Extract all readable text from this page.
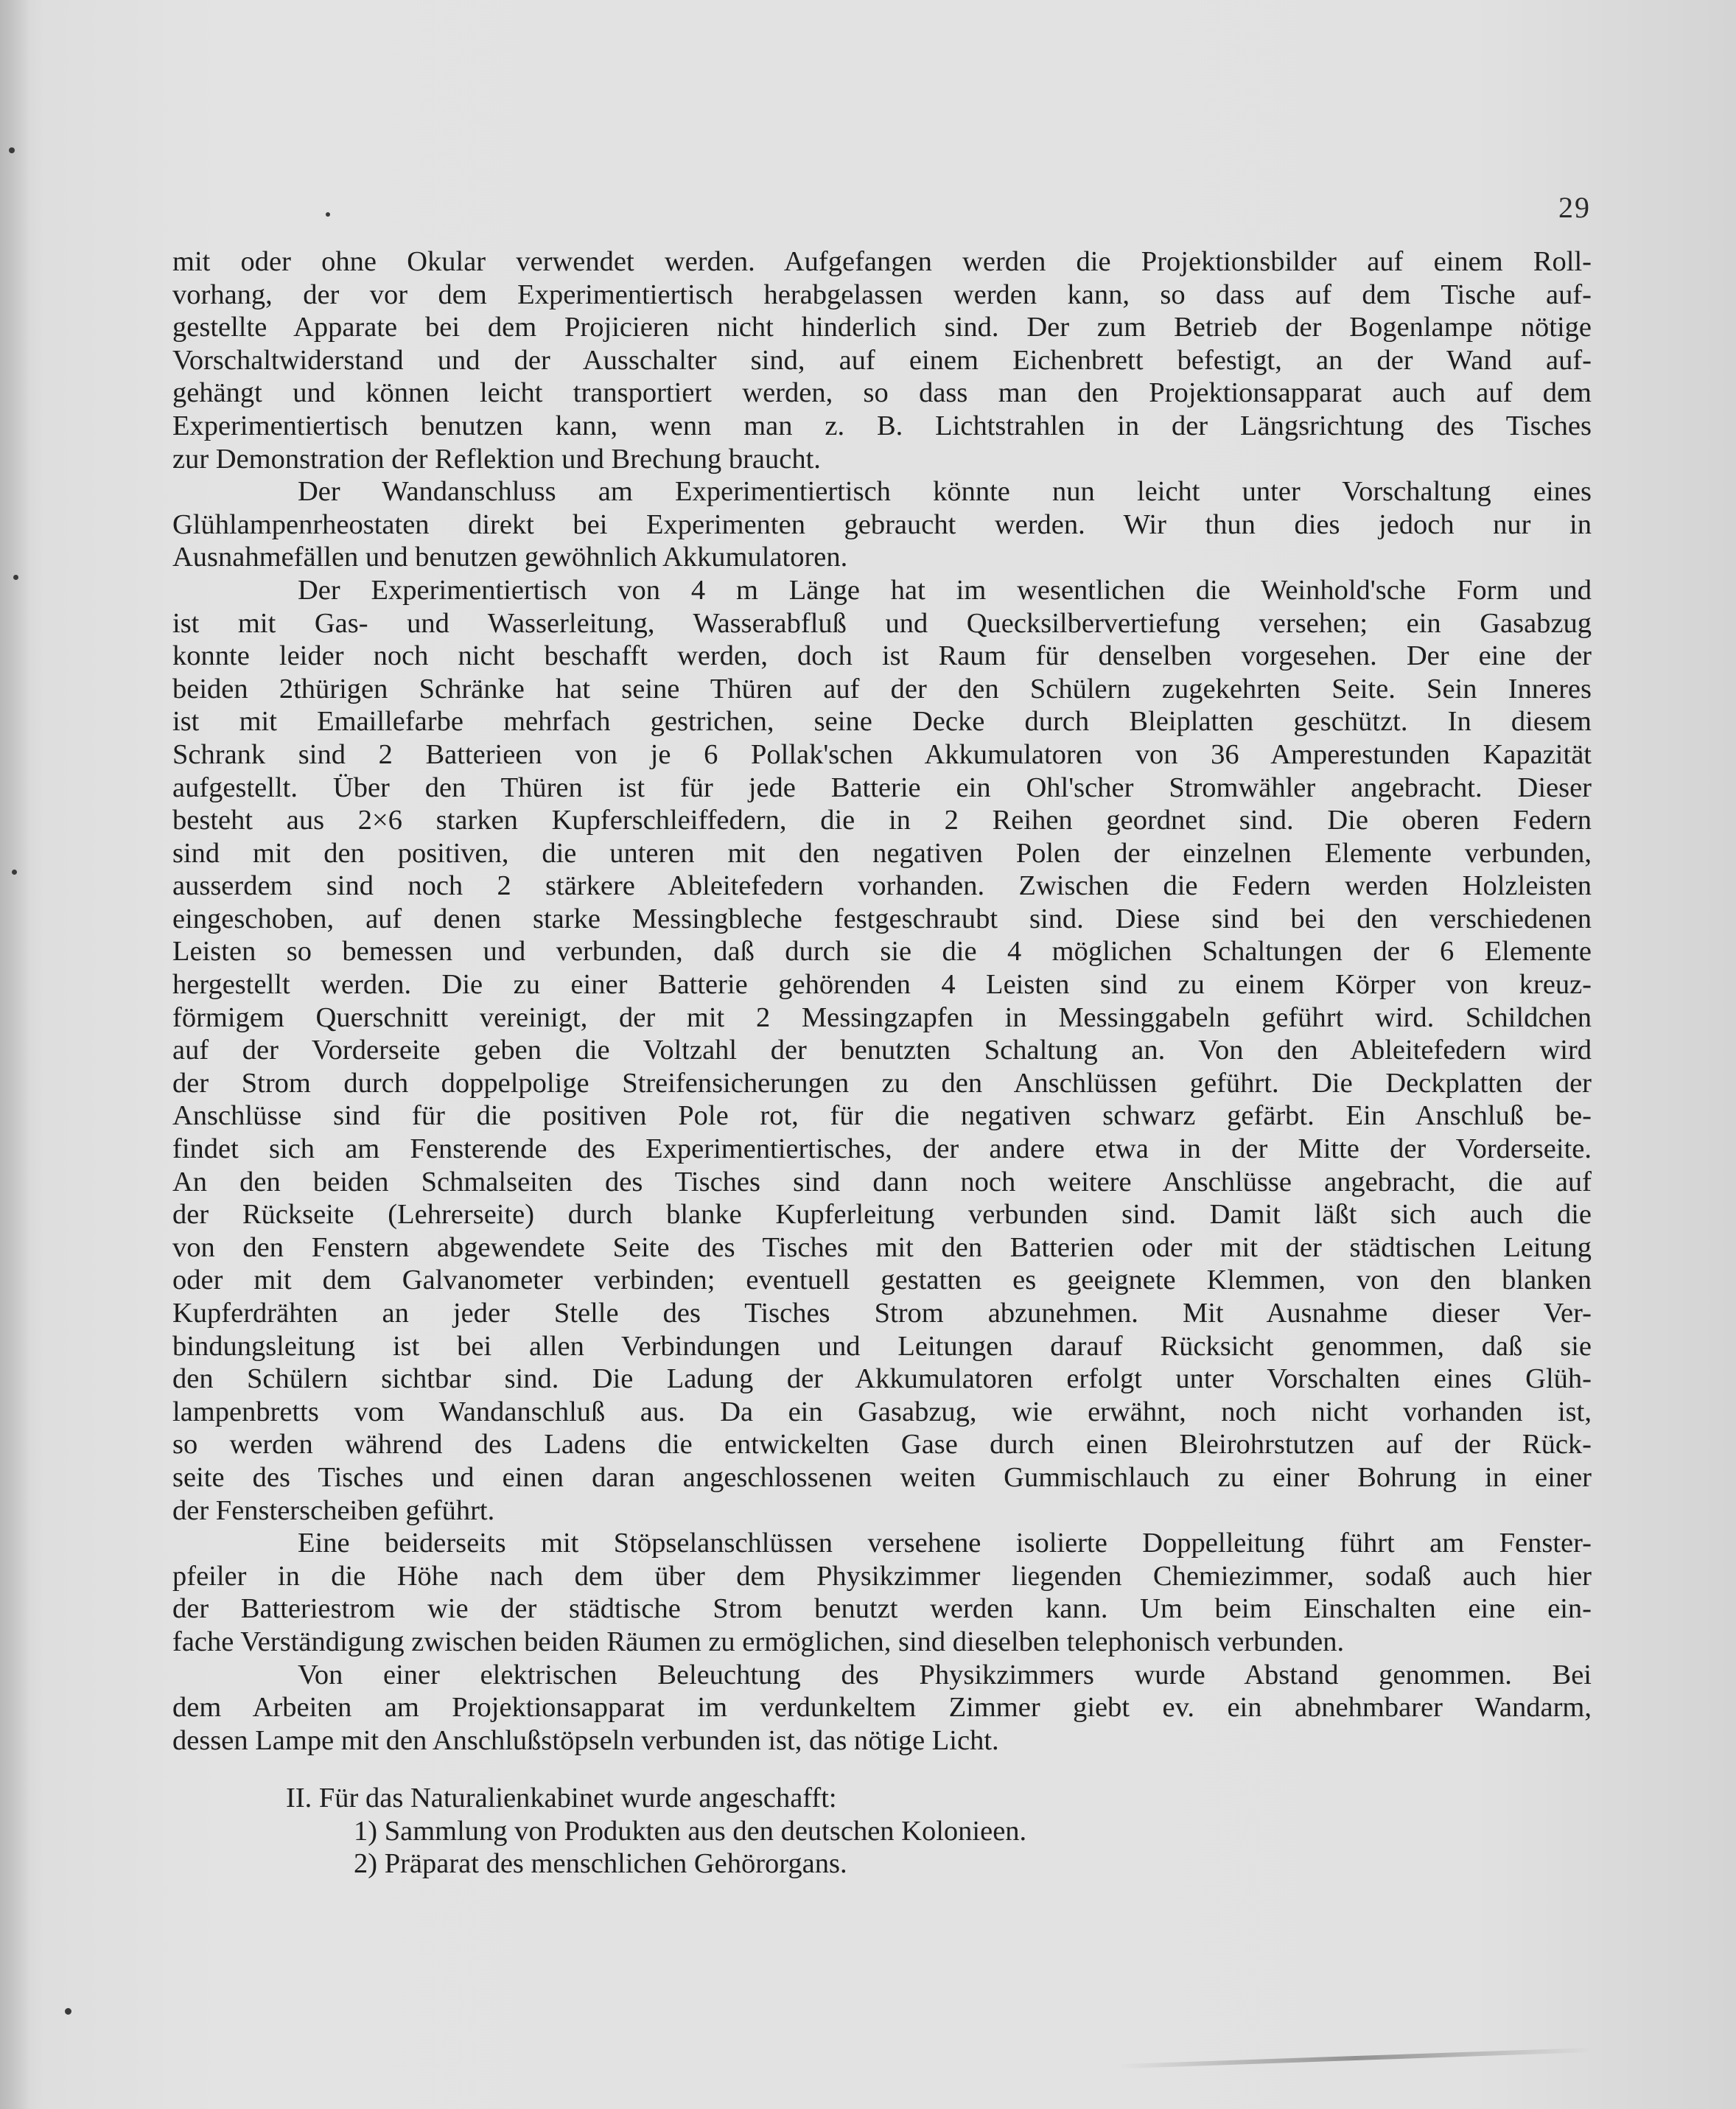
29
mit oder ohne Okular verwendet werden. Aufgefangen werden die Projektionsbilder auf einem Roll-
vorhang, der vor dem Experimentiertisch herabgelassen werden kann, so dass auf dem Tische auf-
gestellte Apparate bei dem Projicieren nicht hinderlich sind. Der zum Betrieb der Bogenlampe nötige
Vorschaltwiderstand und der Ausschalter sind, auf einem Eichenbrett befestigt, an der Wand auf-
gehängt und können leicht transportiert werden, so dass man den Projektionsapparat auch auf dem
Experimentiertisch benutzen kann, wenn man z. B. Lichtstrahlen in der Längsrichtung des Tisches
zur Demonstration der Reflektion und Brechung braucht.
Der Wandanschluss am Experimentiertisch könnte nun leicht unter Vorschaltung eines
Glühlampenrheostaten direkt bei Experimenten gebraucht werden. Wir thun dies jedoch nur in
Ausnahmefällen und benutzen gewöhnlich Akkumulatoren.
Der Experimentiertisch von 4 m Länge hat im wesentlichen die Weinhold'sche Form und
ist mit Gas- und Wasserleitung, Wasserabfluß und Quecksilbervertiefung versehen; ein Gasabzug
konnte leider noch nicht beschafft werden, doch ist Raum für denselben vorgesehen. Der eine der
beiden 2thürigen Schränke hat seine Thüren auf der den Schülern zugekehrten Seite. Sein Inneres
ist mit Emaillefarbe mehrfach gestrichen, seine Decke durch Bleiplatten geschützt. In diesem
Schrank sind 2 Batterieen von je 6 Pollak'schen Akkumulatoren von 36 Amperestunden Kapazität
aufgestellt. Über den Thüren ist für jede Batterie ein Ohl'scher Stromwähler angebracht. Dieser
besteht aus 2×6 starken Kupferschleiffedern, die in 2 Reihen geordnet sind. Die oberen Federn
sind mit den positiven, die unteren mit den negativen Polen der einzelnen Elemente verbunden,
ausserdem sind noch 2 stärkere Ableitefedern vorhanden. Zwischen die Federn werden Holzleisten
eingeschoben, auf denen starke Messingbleche festgeschraubt sind. Diese sind bei den verschiedenen
Leisten so bemessen und verbunden, daß durch sie die 4 möglichen Schaltungen der 6 Elemente
hergestellt werden. Die zu einer Batterie gehörenden 4 Leisten sind zu einem Körper von kreuz-
förmigem Querschnitt vereinigt, der mit 2 Messingzapfen in Messinggabeln geführt wird. Schildchen
auf der Vorderseite geben die Voltzahl der benutzten Schaltung an. Von den Ableitefedern wird
der Strom durch doppelpolige Streifensicherungen zu den Anschlüssen geführt. Die Deckplatten der
Anschlüsse sind für die positiven Pole rot, für die negativen schwarz gefärbt. Ein Anschluß be-
findet sich am Fensterende des Experimentiertisches, der andere etwa in der Mitte der Vorderseite.
An den beiden Schmalseiten des Tisches sind dann noch weitere Anschlüsse angebracht, die auf
der Rückseite (Lehrerseite) durch blanke Kupferleitung verbunden sind. Damit läßt sich auch die
von den Fenstern abgewendete Seite des Tisches mit den Batterien oder mit der städtischen Leitung
oder mit dem Galvanometer verbinden; eventuell gestatten es geeignete Klemmen, von den blanken
Kupferdrähten an jeder Stelle des Tisches Strom abzunehmen. Mit Ausnahme dieser Ver-
bindungsleitung ist bei allen Verbindungen und Leitungen darauf Rücksicht genommen, daß sie
den Schülern sichtbar sind. Die Ladung der Akkumulatoren erfolgt unter Vorschalten eines Glüh-
lampenbretts vom Wandanschluß aus. Da ein Gasabzug, wie erwähnt, noch nicht vorhanden ist,
so werden während des Ladens die entwickelten Gase durch einen Bleirohrstutzen auf der Rück-
seite des Tisches und einen daran angeschlossenen weiten Gummischlauch zu einer Bohrung in einer
der Fensterscheiben geführt.
Eine beiderseits mit Stöpselanschlüssen versehene isolierte Doppelleitung führt am Fenster-
pfeiler in die Höhe nach dem über dem Physikzimmer liegenden Chemiezimmer, sodaß auch hier
der Batteriestrom wie der städtische Strom benutzt werden kann. Um beim Einschalten eine ein-
fache Verständigung zwischen beiden Räumen zu ermöglichen, sind dieselben telephonisch verbunden.
Von einer elektrischen Beleuchtung des Physikzimmers wurde Abstand genommen. Bei
dem Arbeiten am Projektionsapparat im verdunkeltem Zimmer giebt ev. ein abnehmbarer Wandarm,
dessen Lampe mit den Anschlußstöpseln verbunden ist, das nötige Licht.
II. Für das Naturalienkabinet wurde angeschafft:
1) Sammlung von Produkten aus den deutschen Kolonieen.
2) Präparat des menschlichen Gehörorgans.
